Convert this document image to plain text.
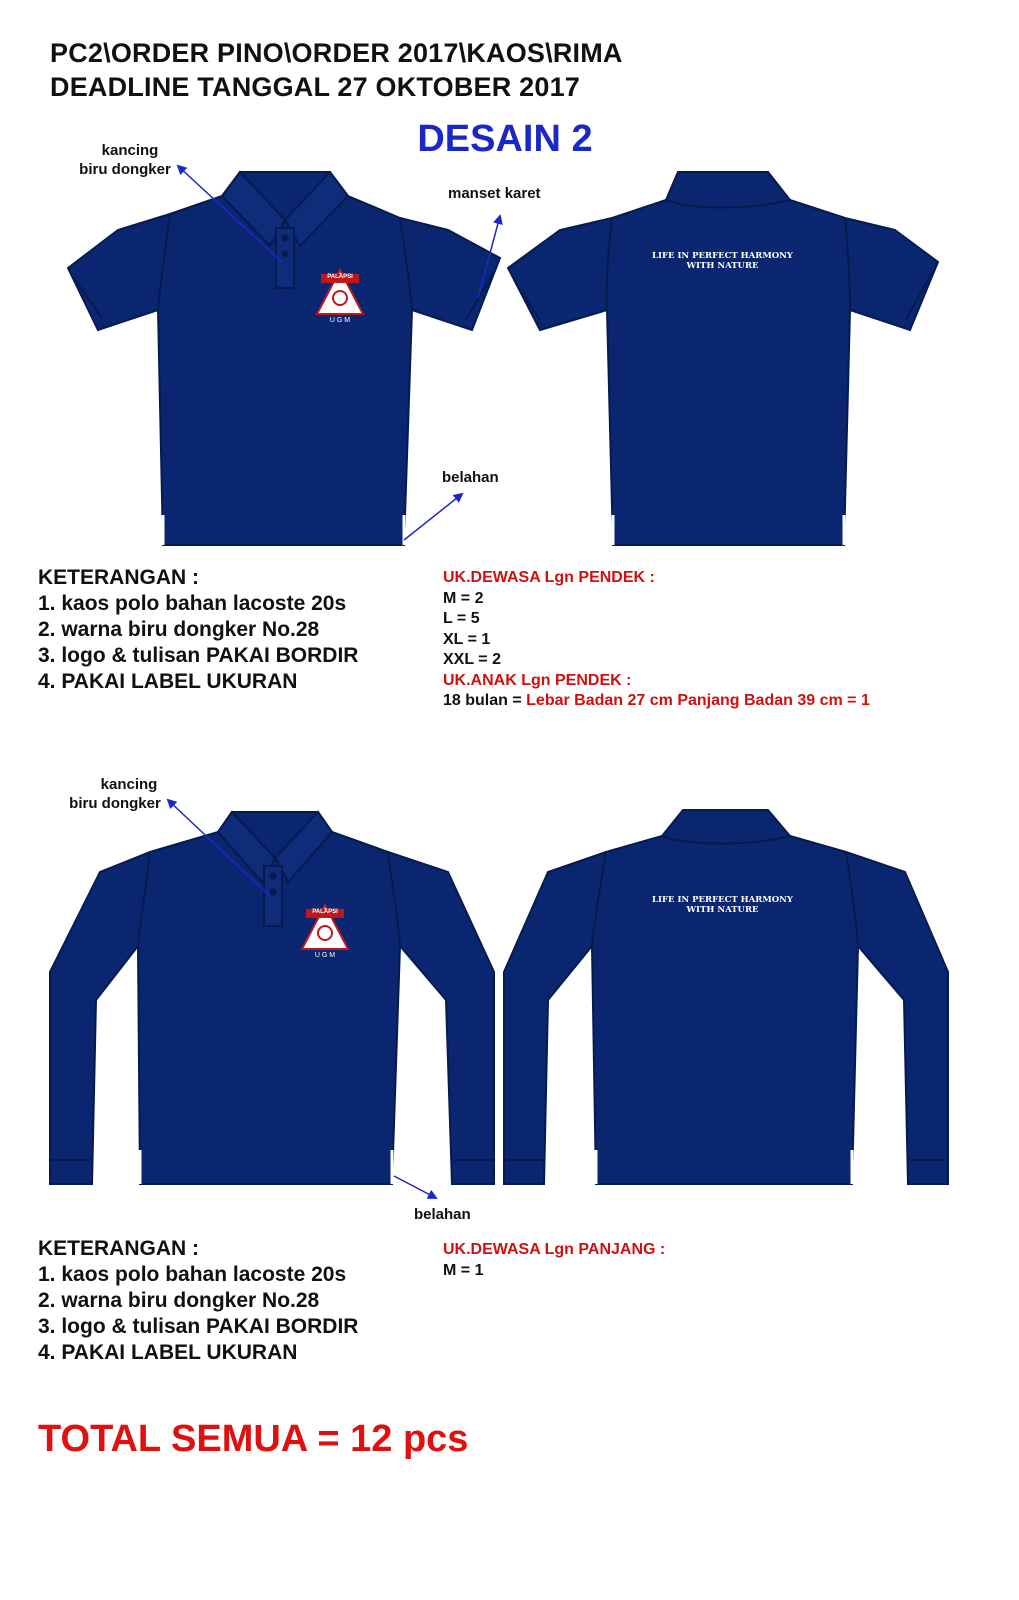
PC2\ORDER PINO\ORDER 2017\KAOS\RIMA
DEADLINE TANGGAL 27 OKTOBER 2017
DESAIN 2
PALAPSI
U G M
PALAPSI
U G M
LIFE IN PERFECT HARMONY
WITH NATURE
LIFE IN PERFECT HARMONY
WITH NATURE
kancing
biru dongker
manset karet
belahan
KETERANGAN :
1. kaos polo bahan lacoste 20s
2. warna biru dongker No.28
3. logo & tulisan PAKAI BORDIR
4. PAKAI LABEL UKURAN
UK.DEWASA Lgn PENDEK :
M = 2
L = 5
XL = 1
XXL = 2
UK.ANAK Lgn PENDEK :
18 bulan = Lebar Badan 27 cm Panjang Badan 39 cm = 1
kancing
biru dongker
belahan
KETERANGAN :
1. kaos polo bahan lacoste 20s
2. warna biru dongker No.28
3. logo & tulisan PAKAI BORDIR
4. PAKAI LABEL UKURAN
UK.DEWASA Lgn PANJANG :
M = 1
TOTAL SEMUA = 12 pcs
